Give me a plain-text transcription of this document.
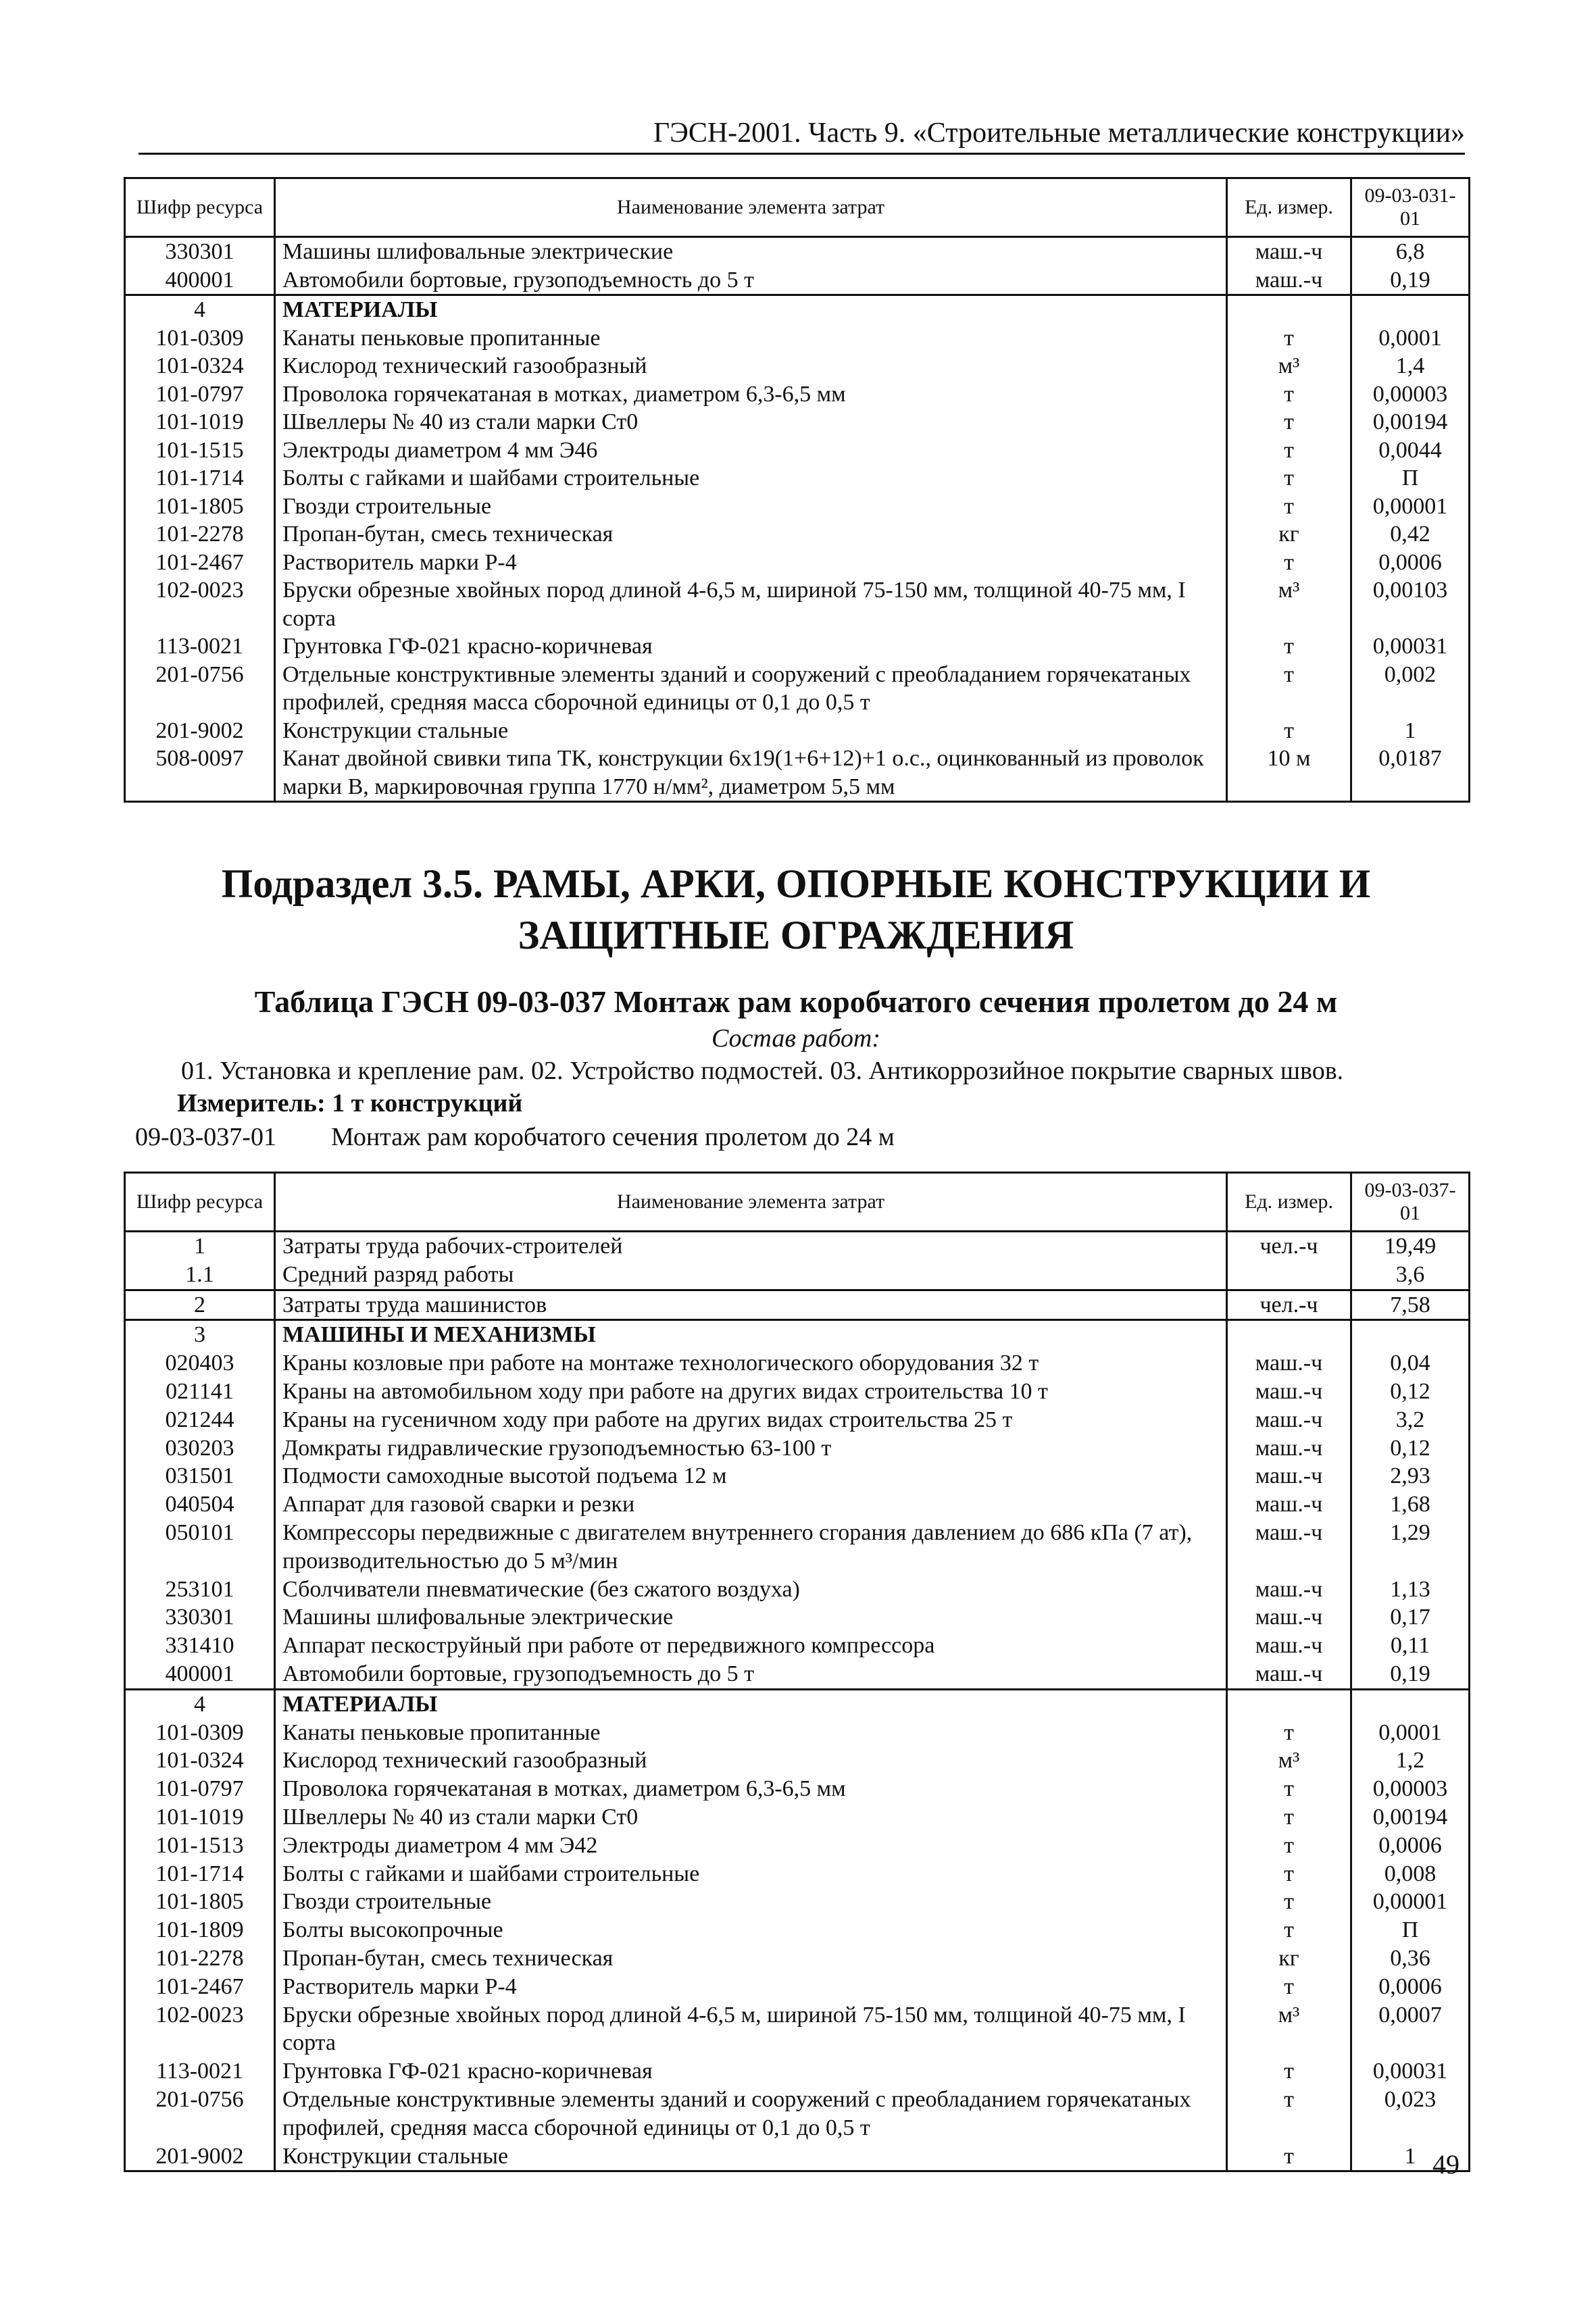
ГЭСН-2001. Часть 9. «Строительные металлические конструкции»
Шифр ресурса	Наименование элемента затрат	Ед. измер.	09-03-031-01
330301	Машины шлифовальные электрические	маш.-ч	6,8
400001	Автомобили бортовые, грузоподъемность до 5 т	маш.-ч	0,19
4	МАТЕРИАЛЫ		
101-0309	Канаты пеньковые пропитанные	т	0,0001
101-0324	Кислород технический газообразный	м³	1,4
101-0797	Проволока горячекатаная в мотках, диаметром 6,3-6,5 мм	т	0,00003
101-1019	Швеллеры № 40 из стали марки Ст0	т	0,00194
101-1515	Электроды диаметром 4 мм Э46	т	0,0044
101-1714	Болты с гайками и шайбами строительные	т	П
101-1805	Гвозди строительные	т	0,00001
101-2278	Пропан-бутан, смесь техническая	кг	0,42
101-2467	Растворитель марки Р-4	т	0,0006
102-0023	Бруски обрезные хвойных пород длиной 4-6,5 м, шириной 75-150 мм, толщиной 40-75 мм, I сорта	м³	0,00103
113-0021	Грунтовка ГФ-021 красно-коричневая	т	0,00031
201-0756	Отдельные конструктивные элементы зданий и сооружений с преобладанием горячекатаных профилей, средняя масса сборочной единицы от 0,1 до 0,5 т	т	0,002
201-9002	Конструкции стальные	т	1
508-0097	Канат двойной свивки типа ТК, конструкции 6х19(1+6+12)+1 о.с., оцинкованный из проволок марки В, маркировочная группа 1770 н/мм², диаметром 5,5 мм	10 м	0,0187
Подраздел 3.5. РАМЫ, АРКИ, ОПОРНЫЕ КОНСТРУКЦИИ И ЗАЩИТНЫЕ ОГРАЖДЕНИЯ
Таблица ГЭСН 09-03-037 Монтаж рам коробчатого сечения пролетом до 24 м
Состав работ:
01. Установка и крепление рам. 02. Устройство подмостей. 03. Антикоррозийное покрытие сварных швов.
Измеритель: 1 т конструкций
09-03-037-01 Монтаж рам коробчатого сечения пролетом до 24 м
Шифр ресурса	Наименование элемента затрат	Ед. измер.	09-03-037-01
1	Затраты труда рабочих-строителей	чел.-ч	19,49
1.1	Средний разряд работы		3,6
2	Затраты труда машинистов	чел.-ч	7,58
3	МАШИНЫ И МЕХАНИЗМЫ		
020403	Краны козловые при работе на монтаже технологического оборудования 32 т	маш.-ч	0,04
021141	Краны на автомобильном ходу при работе на других видах строительства 10 т	маш.-ч	0,12
021244	Краны на гусеничном ходу при работе на других видах строительства 25 т	маш.-ч	3,2
030203	Домкраты гидравлические грузоподъемностью 63-100 т	маш.-ч	0,12
031501	Подмости самоходные высотой подъема 12 м	маш.-ч	2,93
040504	Аппарат для газовой сварки и резки	маш.-ч	1,68
050101	Компрессоры передвижные с двигателем внутреннего сгорания давлением до 686 кПа (7 ат), производительностью до 5 м³/мин	маш.-ч	1,29
253101	Сболчиватели пневматические (без сжатого воздуха)	маш.-ч	1,13
330301	Машины шлифовальные электрические	маш.-ч	0,17
331410	Аппарат пескоструйный при работе от передвижного компрессора	маш.-ч	0,11
400001	Автомобили бортовые, грузоподъемность до 5 т	маш.-ч	0,19
4	МАТЕРИАЛЫ		
101-0309	Канаты пеньковые пропитанные	т	0,0001
101-0324	Кислород технический газообразный	м³	1,2
101-0797	Проволока горячекатаная в мотках, диаметром 6,3-6,5 мм	т	0,00003
101-1019	Швеллеры № 40 из стали марки Ст0	т	0,00194
101-1513	Электроды диаметром 4 мм Э42	т	0,0006
101-1714	Болты с гайками и шайбами строительные	т	0,008
101-1805	Гвозди строительные	т	0,00001
101-1809	Болты высокопрочные	т	П
101-2278	Пропан-бутан, смесь техническая	кг	0,36
101-2467	Растворитель марки Р-4	т	0,0006
102-0023	Бруски обрезные хвойных пород длиной 4-6,5 м, шириной 75-150 мм, толщиной 40-75 мм, I сорта	м³	0,0007
113-0021	Грунтовка ГФ-021 красно-коричневая	т	0,00031
201-0756	Отдельные конструктивные элементы зданий и сооружений с преобладанием горячекатаных профилей, средняя масса сборочной единицы от 0,1 до 0,5 т	т	0,023
201-9002	Конструкции стальные	т	1 49
